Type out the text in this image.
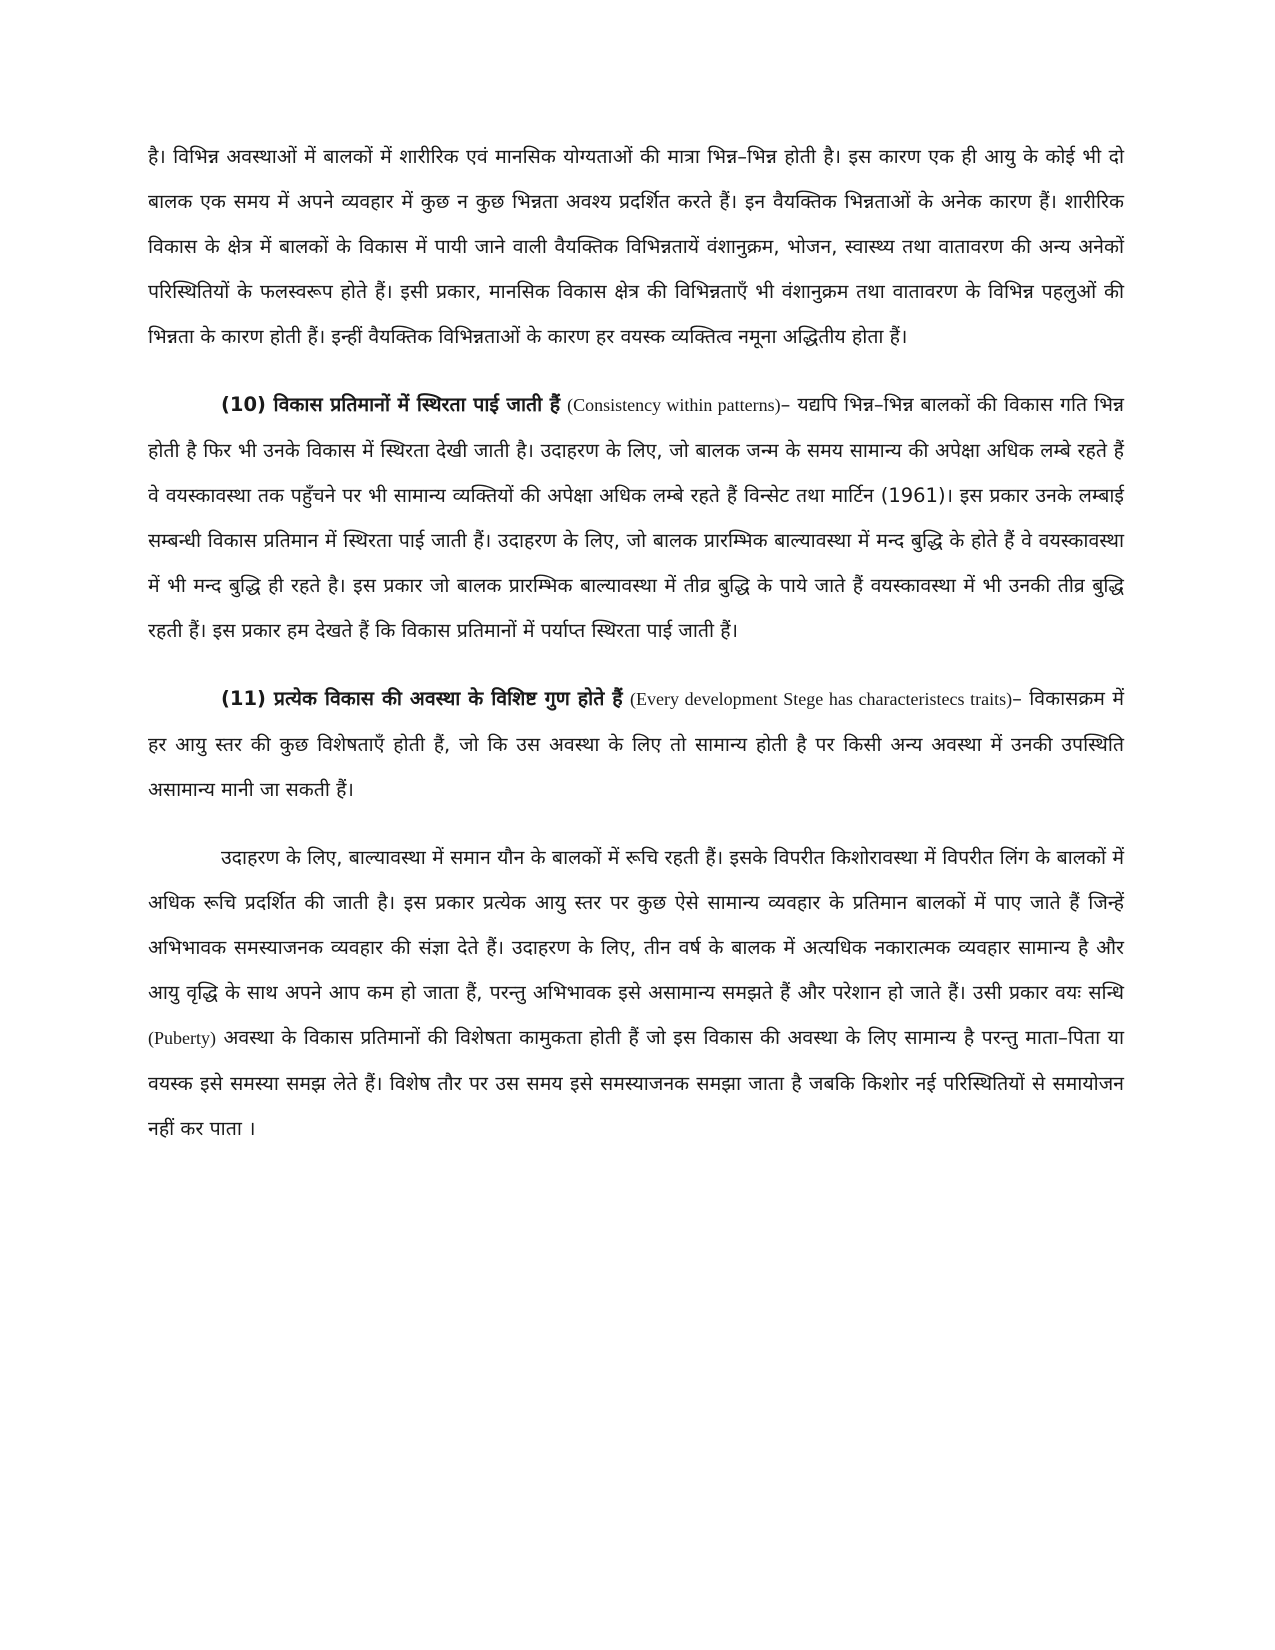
है। विभिन्न अवस्थाओं में बालकों में शारीरिक एवं मानसिक योग्यताओं की मात्रा भिन्न–भिन्न होती है। इस कारण एक ही आयु के कोई भी दो बालक एक समय में अपने व्यवहार में कुछ न कुछ भिन्नता अवश्य प्रदर्शित करते हैं। इन वैयक्तिक भिन्नताओं के अनेक कारण हैं। शारीरिक विकास के क्षेत्र में बालकों के विकास में पायी जाने वाली वैयक्तिक विभिन्नतायें वंशानुक्रम, भोजन, स्वास्थ्य तथा वातावरण की अन्य अनेकों परिस्थितियों के फलस्वरूप होते हैं। इसी प्रकार, मानसिक विकास क्षेत्र की विभिन्नताएँ भी वंशानुक्रम तथा वातावरण के विभिन्न पहलुओं की भिन्नता के कारण होती हैं। इन्हीं वैयक्तिक विभिन्नताओं के कारण हर वयस्क व्यक्तित्व नमूना अद्धितीय होता हैं।

(10) विकास प्रतिमानों में स्थिरता पाई जाती हैं (Consistency within patterns)– यद्यपि भिन्न–भिन्न बालकों की विकास गति भिन्न होती है फिर भी उनके विकास में स्थिरता देखी जाती है। उदाहरण के लिए, जो बालक जन्म के समय सामान्य की अपेक्षा अधिक लम्बे रहते हैं वे वयस्कावस्था तक पहुँचने पर भी सामान्य व्यक्तियों की अपेक्षा अधिक लम्बे रहते हैं विन्सेट तथा मार्टिन (1961)। इस प्रकार उनके लम्बाई सम्बन्धी विकास प्रतिमान में स्थिरता पाई जाती हैं। उदाहरण के लिए, जो बालक प्रारम्भिक बाल्यावस्था में मन्द बुद्धि के होते हैं वे वयस्कावस्था में भी मन्द बुद्धि ही रहते है। इस प्रकार जो बालक प्रारम्भिक बाल्यावस्था में तीव्र बुद्धि के पाये जाते हैं वयस्कावस्था में भी उनकी तीव्र बुद्धि रहती हैं। इस प्रकार हम देखते हैं कि विकास प्रतिमानों में पर्याप्त स्थिरता पाई जाती हैं।

(11) प्रत्येक विकास की अवस्था के विशिष्ट गुण होते हैं (Every development Stege has characteristecs traits)– विकासक्रम में हर आयु स्तर की कुछ विशेषताएँ होती हैं, जो कि उस अवस्था के लिए तो सामान्य होती है पर किसी अन्य अवस्था में उनकी उपस्थिति असामान्य मानी जा सकती हैं।

उदाहरण के लिए, बाल्यावस्था में समान यौन के बालकों में रूचि रहती हैं। इसके विपरीत किशोरावस्था में विपरीत लिंग के बालकों में अधिक रूचि प्रदर्शित की जाती है। इस प्रकार प्रत्येक आयु स्तर पर कुछ ऐसे सामान्य व्यवहार के प्रतिमान बालकों में पाए जाते हैं जिन्हें अभिभावक समस्याजनक व्यवहार की संज्ञा देते हैं। उदाहरण के लिए, तीन वर्ष के बालक में अत्यधिक नकारात्मक व्यवहार सामान्य है और आयु वृद्धि के साथ अपने आप कम हो जाता हैं, परन्तु अभिभावक इसे असामान्य समझते हैं और परेशान हो जाते हैं। उसी प्रकार वयः सन्धि (Puberty) अवस्था के विकास प्रतिमानों की विशेषता कामुकता होती हैं जो इस विकास की अवस्था के लिए सामान्य है परन्तु माता–पिता या वयस्क इसे समस्या समझ लेते हैं। विशेष तौर पर उस समय इसे समस्याजनक समझा जाता है जबकि किशोर नई परिस्थितियों से समायोजन नहीं कर पाता ।
